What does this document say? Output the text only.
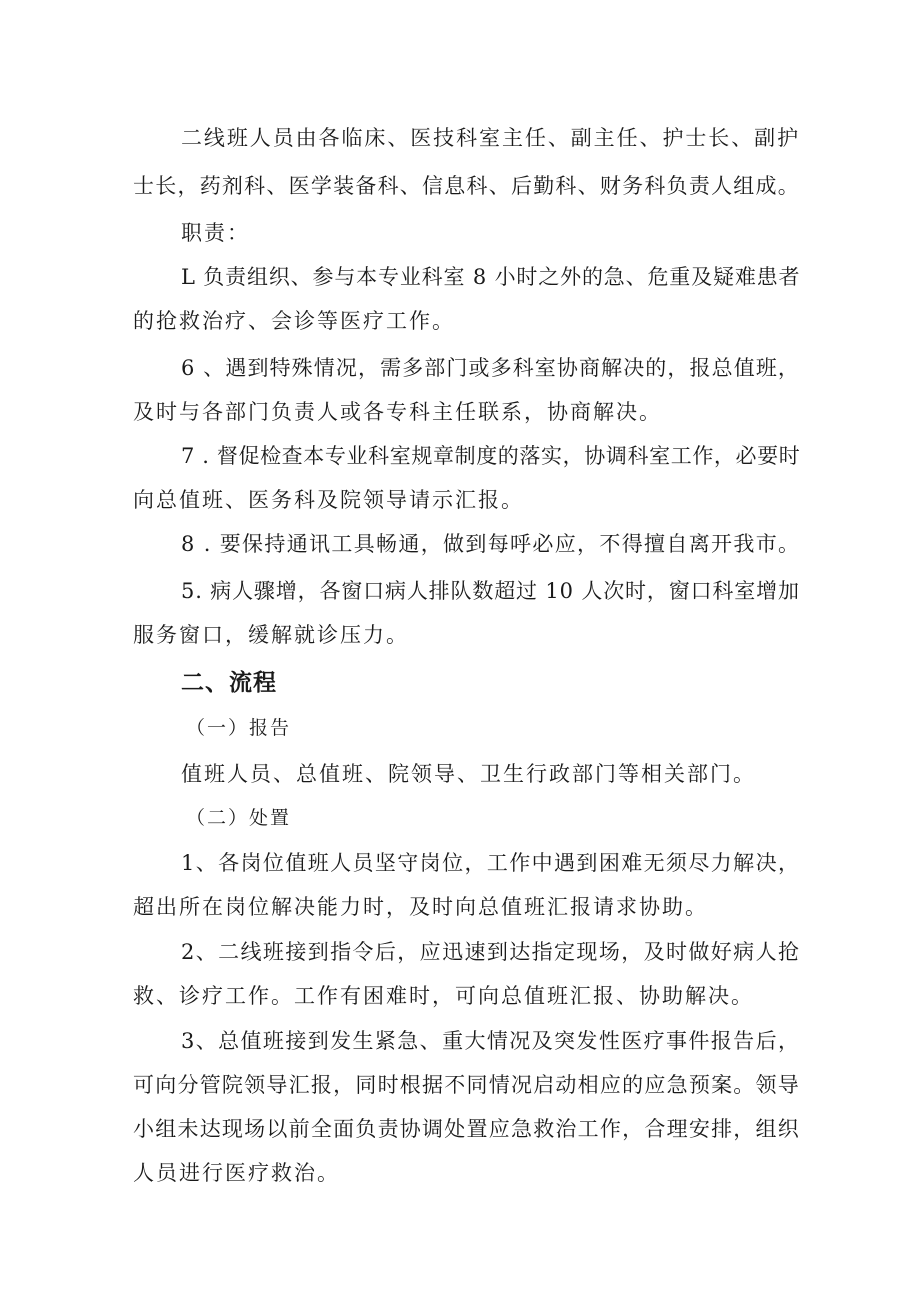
二线班人员由各临床、医技科室主任、副主任、护士长、副护
士长，药剂科、医学装备科、信息科、后勤科、财务科负责人组成。
职责：
L 负责组织、参与本专业科室 8 小时之外的急、危重及疑难患者
的抢救治疗、会诊等医疗工作。
6 、遇到特殊情况，需多部门或多科室协商解决的，报总值班，
及时与各部门负责人或各专科主任联系，协商解决。
7 . 督促检查本专业科室规章制度的落实，协调科室工作，必要时
向总值班、医务科及院领导请示汇报。
8 . 要保持通讯工具畅通，做到每呼必应，不得擅自离开我市。
5. 病人骤增，各窗口病人排队数超过 10 人次时，窗口科室增加
服务窗口，缓解就诊压力。
二、流程
（一）报告
值班人员、总值班、院领导、卫生行政部门等相关部门。
（二）处置
1、各岗位值班人员坚守岗位，工作中遇到困难无须尽力解决，
超出所在岗位解决能力时，及时向总值班汇报请求协助。
2、二线班接到指令后，应迅速到达指定现场，及时做好病人抢
救、诊疗工作。工作有困难时，可向总值班汇报、协助解决。
3、总值班接到发生紧急、重大情况及突发性医疗事件报告后，
可向分管院领导汇报，同时根据不同情况启动相应的应急预案。领导
小组未达现场以前全面负责协调处置应急救治工作，合理安排，组织
人员进行医疗救治。
